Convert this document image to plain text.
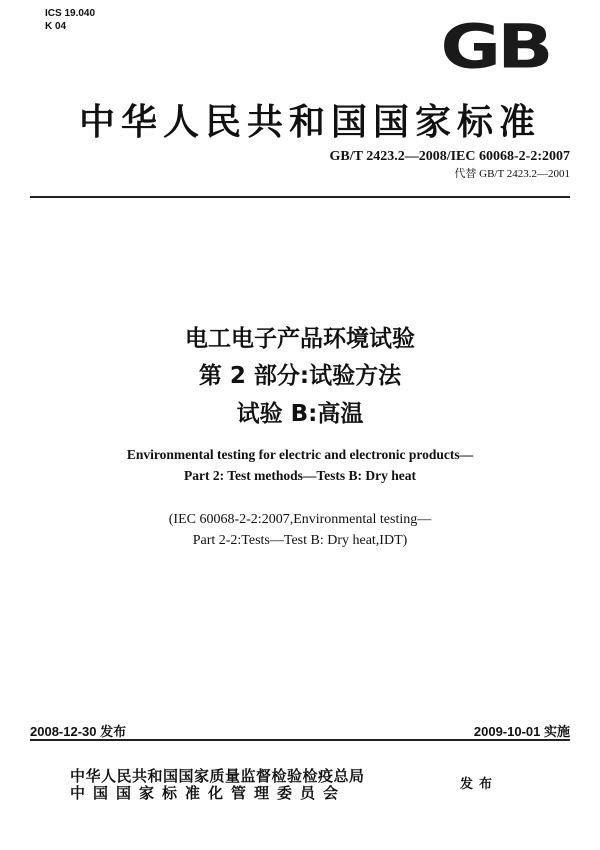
ICS 19.040
K 04	GB
中华人民共和国国家标准
GB/T 2423.2—2008/IEC 60068-2-2:2007
代替 GB/T 2423.2—2001
电工电子产品环境试验
第 2 部分:试验方法
试验 B:高温
Environmental testing for electric and electronic products—
Part 2: Test methods—Tests B: Dry heat
(IEC 60068-2-2:2007,Environmental testing—
Part 2-2:Tests—Test B: Dry heat,IDT)
2008-12-30 发布	2009-10-01 实施
中华人民共和国国家质量监督检验检疫总局
中国国家标准化管理委员会	发布
